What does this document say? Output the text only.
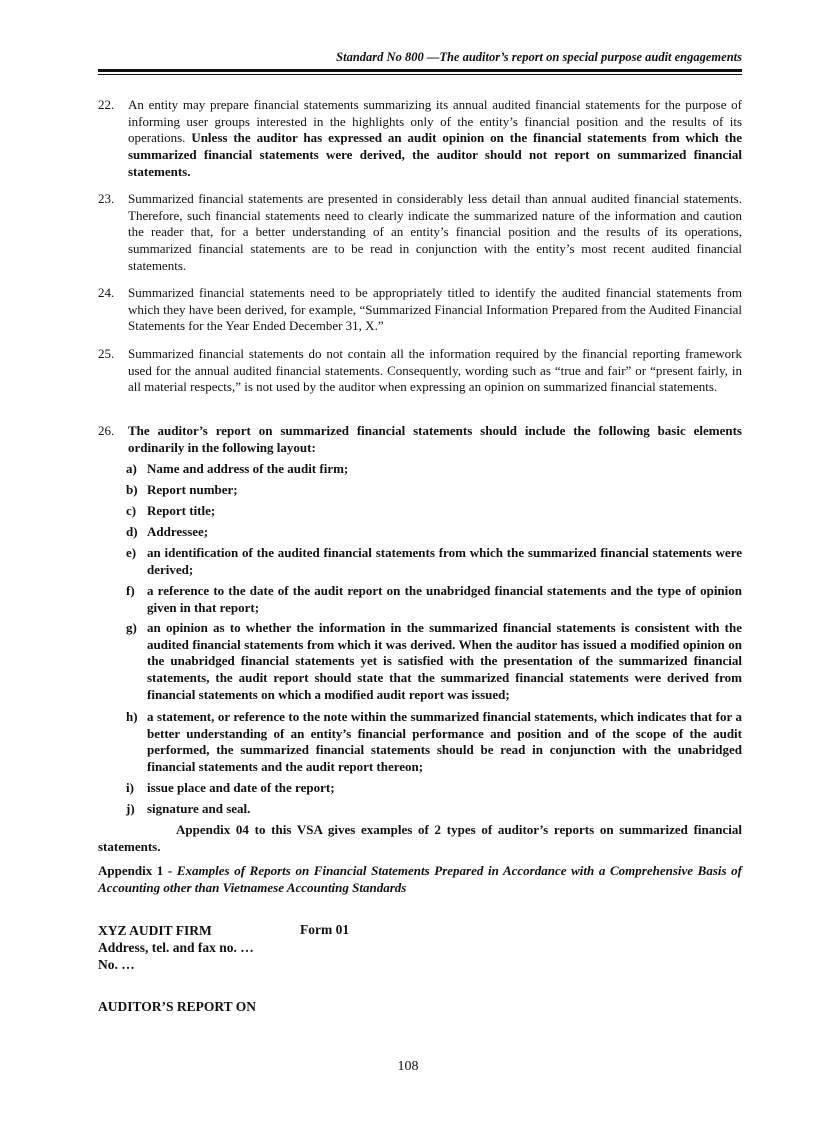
Standard No 800 —The auditor’s report on special purpose audit engagements
22.	An entity may prepare financial statements summarizing its annual audited financial statements for the purpose of informing user groups interested in the highlights only of the entity’s financial position and the results of its operations. Unless the auditor has expressed an audit opinion on the financial statements from which the summarized financial statements were derived, the auditor should not report on summarized financial statements.
23.	Summarized financial statements are presented in considerably less detail than annual audited financial statements. Therefore, such financial statements need to clearly indicate the summarized nature of the information and caution the reader that, for a better understanding of an entity’s financial position and the results of its operations, summarized financial statements are to be read in conjunction with the entity’s most recent audited financial statements.
24.	Summarized financial statements need to be appropriately titled to identify the audited financial statements from which they have been derived, for example, “Summarized Financial Information Prepared from the Audited Financial Statements for the Year Ended December 31, X.”
25.	Summarized financial statements do not contain all the information required by the financial reporting framework used for the annual audited financial statements. Consequently, wording such as “true and fair” or “present fairly, in all material respects,” is not used by the auditor when expressing an opinion on summarized financial statements.
26.	The auditor’s report on summarized financial statements should include the following basic elements ordinarily in the following layout:
a) Name and address of the audit firm;
b) Report number;
c) Report title;
d) Addressee;
e) an identification of the audited financial statements from which the summarized financial statements were derived;
f) a reference to the date of the audit report on the unabridged financial statements and the type of opinion given in that report;
g) an opinion as to whether the information in the summarized financial statements is consistent with the audited financial statements from which it was derived. When the auditor has issued a modified opinion on the unabridged financial statements yet is satisfied with the presentation of the summarized financial statements, the audit report should state that the summarized financial statements were derived from financial statements on which a modified audit report was issued;
h) a statement, or reference to the note within the summarized financial statements, which indicates that for a better understanding of an entity’s financial performance and position and of the scope of the audit performed, the summarized financial statements should be read in conjunction with the unabridged financial statements and the audit report thereon;
i) issue place and date of the report;
j) signature and seal.
Appendix 04 to this VSA gives examples of 2 types of auditor’s reports on summarized financial statements.
Appendix 1 - Examples of Reports on Financial Statements Prepared in Accordance with a Comprehensive Basis of Accounting other than Vietnamese Accounting Standards
XYZ AUDIT FIRM	Form 01
Address, tel. and fax no. …
No. …
AUDITOR’S REPORT ON
108
